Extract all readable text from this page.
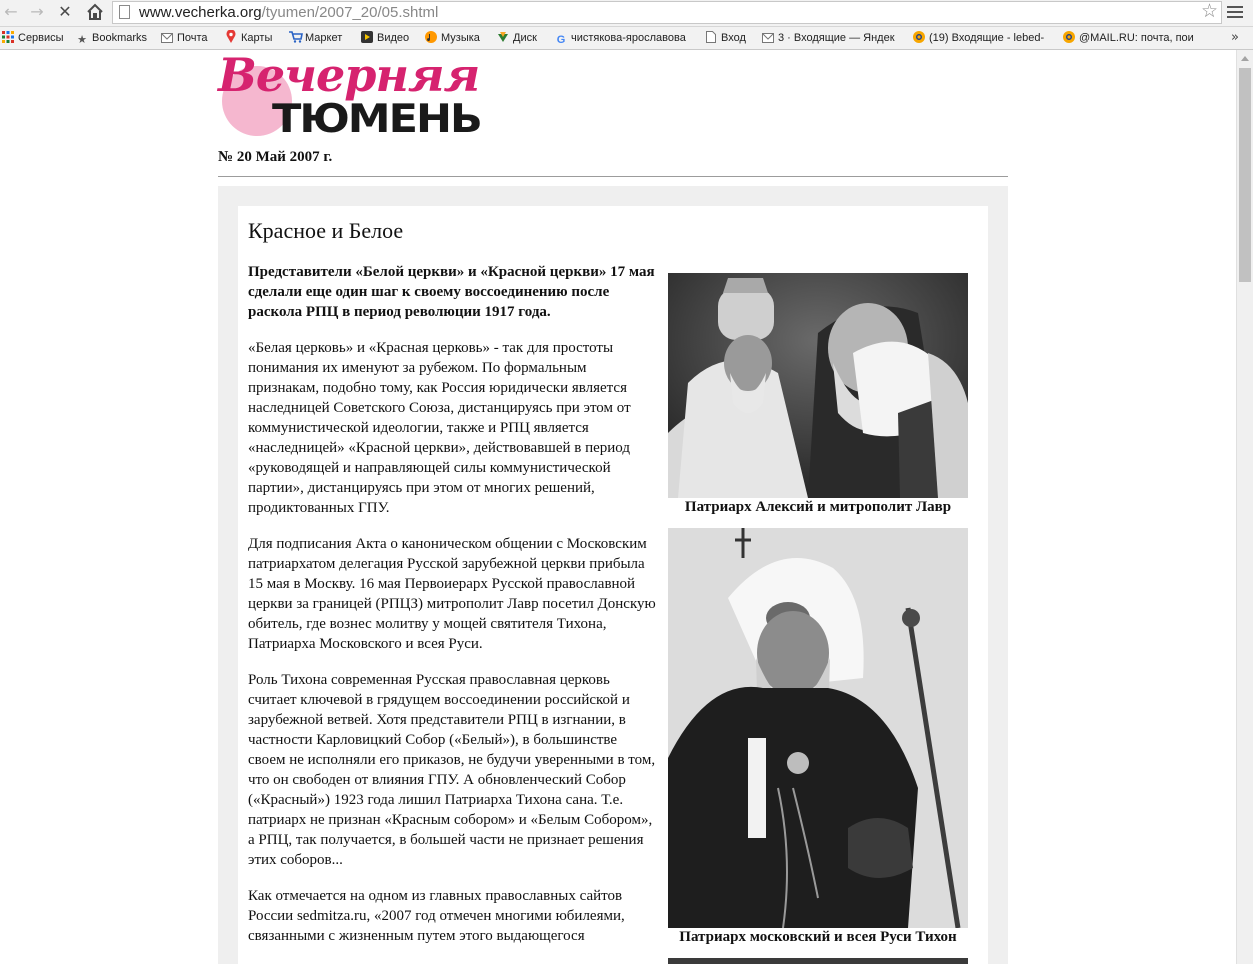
← → ✕	www.vecherka.org/tyumen/2007_20/05.shtml	☆
Сервисы ★ Bookmarks	Почта	Карты	Маркет	Видео	Музыка	Диск	G чистякова-ярославова	Вход	3 · Входящие — Яндек	(19) Входящие - lebed-	@MAIL.RU: почта, пои	»
Вечерняя
ТЮМЕНЬ
№ 20 Май 2007 г.
Красное и Белое

Представители «Белой церкви» и «Красной церкви» 17 мая сделали еще один шаг к своему воссоединению после раскола РПЦ в период революции 1917 года.

«Белая церковь» и «Красная церковь» - так для простоты понимания их именуют за рубежом. По формальным признакам, подобно тому, как Россия юридически является наследницей Советского Союза, дистанцируясь при этом от коммунистической идеологии, также и РПЦ является «наследницей» «Красной церкви», действовавшей в период «руководящей и направляющей силы коммунистической партии», дистанцируясь при этом от многих решений, продиктованных ГПУ.

Для подписания Акта о каноническом общении с Московским патриархатом делегация Русской зарубежной церкви прибыла 15 мая в Москву. 16 мая Первоиерарх Русской православной церкви за границей (РПЦЗ) митрополит Лавр посетил Донскую обитель, где вознес молитву у мощей святителя Тихона, Патриарха Московского и всея Руси.

Роль Тихона современная Русская православная церковь считает ключевой в грядущем воссоединении российской и зарубежной ветвей. Хотя представители РПЦ в изгнании, в частности Карловицкий Собор («Белый»), в большинстве своем не исполняли его приказов, не будучи уверенными в том, что он свободен от влияния ГПУ. А обновленческий Собор («Красный») 1923 года лишил Патриарха Тихона сана. Т.е. патриарх не признан «Красным собором» и «Белым Собором», а РПЦ, так получается, в большей части не признает решения этих соборов...

Как отмечается на одном из главных православных сайтов России sedmitza.ru, «2007 год отмечен многими юбилеями, связанными с жизненным путем этого выдающегося

Патриарх Алексий и митрополит Лавр
Патриарх московский и всея Руси Тихон
